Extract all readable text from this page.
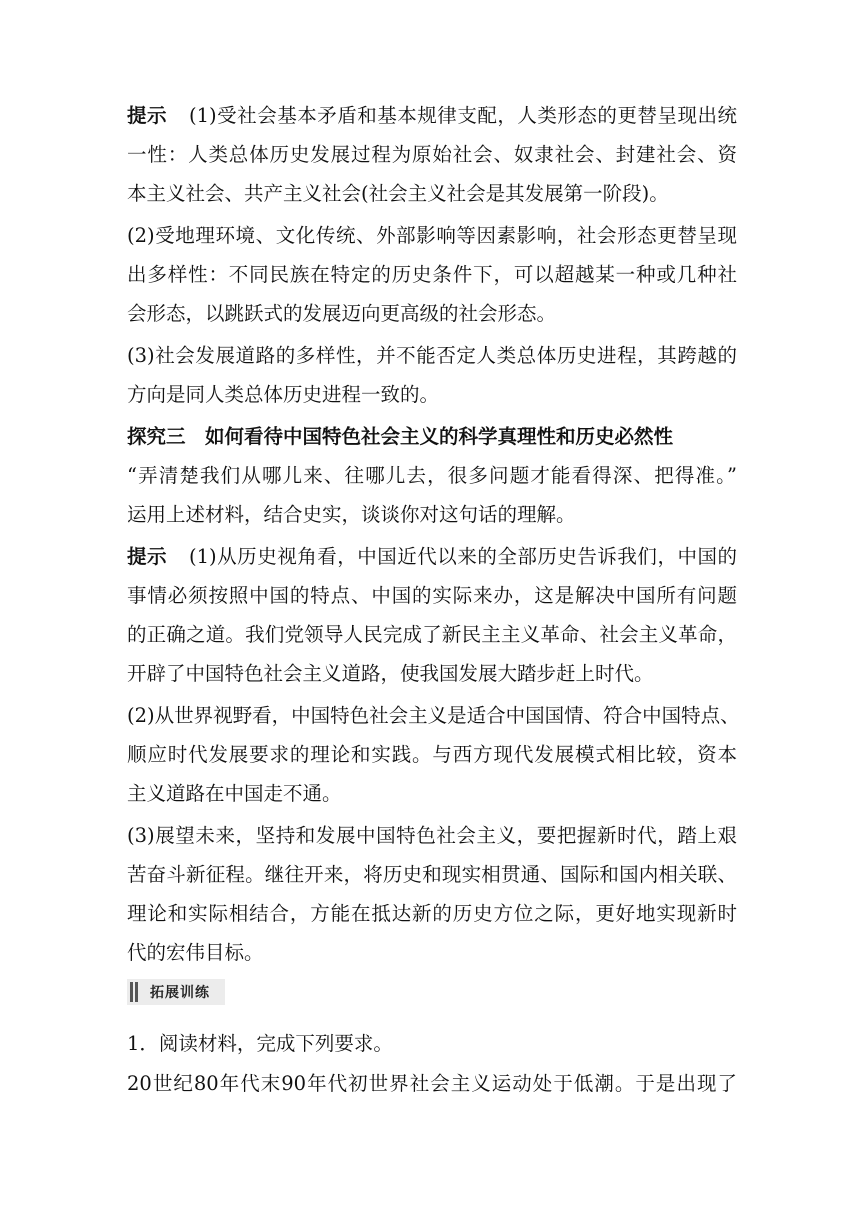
提示 (1)受社会基本矛盾和基本规律支配，人类形态的更替呈现出统
一性：人类总体历史发展过程为原始社会、奴隶社会、封建社会、资
本主义社会、共产主义社会(社会主义社会是其发展第一阶段)。
(2)受地理环境、文化传统、外部影响等因素影响，社会形态更替呈现
出多样性：不同民族在特定的历史条件下，可以超越某一种或几种社
会形态，以跳跃式的发展迈向更高级的社会形态。
(3)社会发展道路的多样性，并不能否定人类总体历史进程，其跨越的
方向是同人类总体历史进程一致的。
探究三　如何看待中国特色社会主义的科学真理性和历史必然性
“弄清楚我们从哪儿来、往哪儿去，很多问题才能看得深、把得准。”
运用上述材料，结合史实，谈谈你对这句话的理解。
提示 (1)从历史视角看，中国近代以来的全部历史告诉我们，中国的
事情必须按照中国的特点、中国的实际来办，这是解决中国所有问题
的正确之道。我们党领导人民完成了新民主主义革命、社会主义革命，
开辟了中国特色社会主义道路，使我国发展大踏步赶上时代。
(2)从世界视野看，中国特色社会主义是适合中国国情、符合中国特点、
顺应时代发展要求的理论和实践。与西方现代发展模式相比较，资本
主义道路在中国走不通。
(3)展望未来，坚持和发展中国特色社会主义，要把握新时代，踏上艰
苦奋斗新征程。继往开来，将历史和现实相贯通、国际和国内相关联、
理论和实际相结合，方能在抵达新的历史方位之际，更好地实现新时
代的宏伟目标。
拓展训练
1．阅读材料，完成下列要求。
20世纪80年代末90年代初世界社会主义运动处于低潮。于是出现了
